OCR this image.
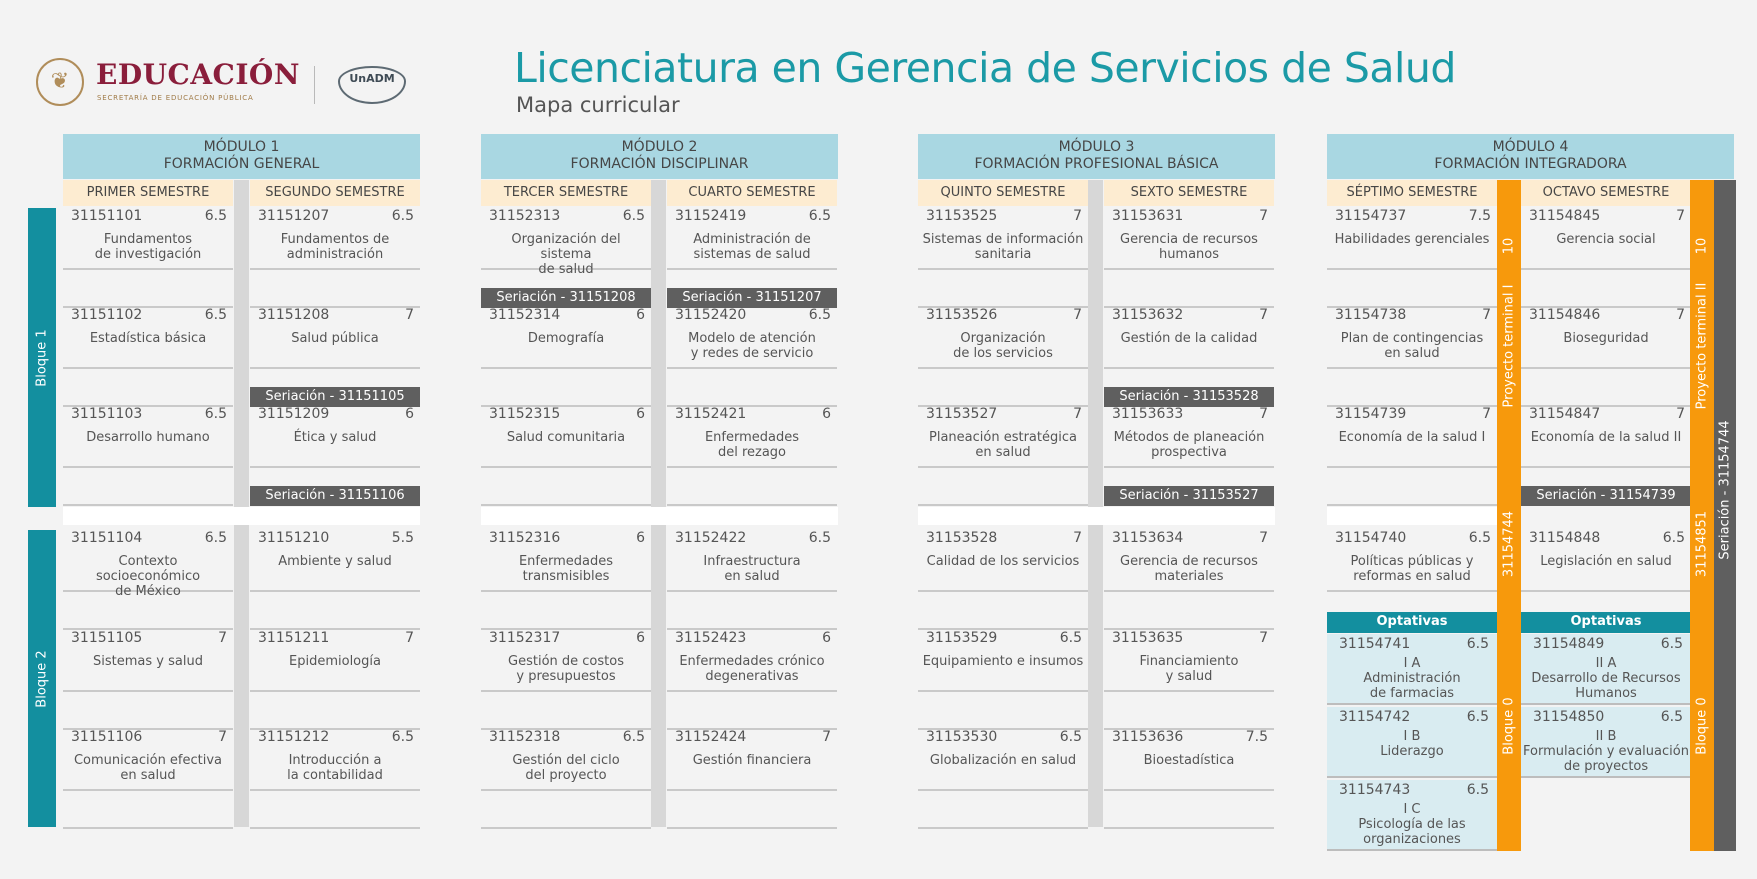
❦ EDUCACIÓN
SECRETARÍA DE EDUCACIÓN PÚBLICA
UnADM	Licenciatura en Gerencia de Servicios de Salud
Mapa curricular
MÓDULO 1
FORMACIÓN GENERAL
MÓDULO 2
FORMACIÓN DISCIPLINAR
MÓDULO 3
FORMACIÓN PROFESIONAL BÁSICA
MÓDULO 4
FORMACIÓN INTEGRADORA
PRIMER SEMESTRE	SEGUNDO SEMESTRE	TERCER SEMESTRE	CUARTO SEMESTRE	QUINTO SEMESTRE	SEXTO SEMESTRE	SÉPTIMO SEMESTRE	OCTAVO SEMESTRE
Bloque 1
Bloque 2
31151101	6.5
Fundamentos
de investigación
31151102	6.5
Estadística básica
31151103	6.5
Desarrollo humano
31151104	6.5
Contexto socioeconómico
de México
31151105	7
Sistemas y salud
31151106	7
Comunicación efectiva
en salud
31151207	6.5
Fundamentos de
administración
31151208	7
Salud pública
Seriación - 31151105
31151209	6
Ética y salud
Seriación - 31151106
31151210	5.5
Ambiente y salud
31151211	7
Epidemiología
31151212	6.5
Introducción a
la contabilidad
31152313	6.5
Organización del sistema
de salud
Seriación - 31151208
31152314	6
Demografía
31152315	6
Salud comunitaria
31152316	6
Enfermedades
transmisibles
31152317	6
Gestión de costos
y presupuestos
31152318	6.5
Gestión del ciclo
del proyecto
31152419	6.5
Administración de
sistemas de salud
Seriación - 31151207
31152420	6.5
Modelo de atención
y redes de servicio
31152421	6
Enfermedades
del rezago
31152422	6.5
Infraestructura
en salud
31152423	6
Enfermedades crónico
degenerativas
31152424	7
Gestión financiera
31153525	7
Sistemas de información
sanitaria
31153526	7
Organización
de los servicios
31153527	7
Planeación estratégica
en salud
31153528	7
Calidad de los servicios
31153529	6.5
Equipamiento e insumos
31153530	6.5
Globalización en salud
31153631	7
Gerencia de recursos
humanos
31153632	7
Gestión de la calidad
Seriación - 31153528
31153633	7
Métodos de planeación
prospectiva
Seriación - 31153527
31153634	7
Gerencia de recursos
materiales
31153635	7
Financiamiento
y salud
31153636	7.5
Bioestadística
31154737	7.5
Habilidades gerenciales
31154738	7
Plan de contingencias
en salud
31154739	7
Economía de la salud I
31154740	6.5
Políticas públicas y
reformas en salud
31154845	7
Gerencia social
31154846	7
Bioseguridad
31154847	7
Economía de la salud II
Seriación - 31154739
31154848	6.5
Legislación en salud
Optativas
31154741	6.5
I A
Administración
de farmacias
31154742	6.5
I B
Liderazgo
31154743	6.5
I C
Psicología de las
organizaciones
Optativas
31154849	6.5
II A
Desarrollo de Recursos
Humanos
31154850	6.5
II B
Formulación y evaluación
de proyectos
10
Proyecto terminal I
31154744
Bloque 0
10
Proyecto terminal II
31154851
Bloque 0
Seriación - 31154744
